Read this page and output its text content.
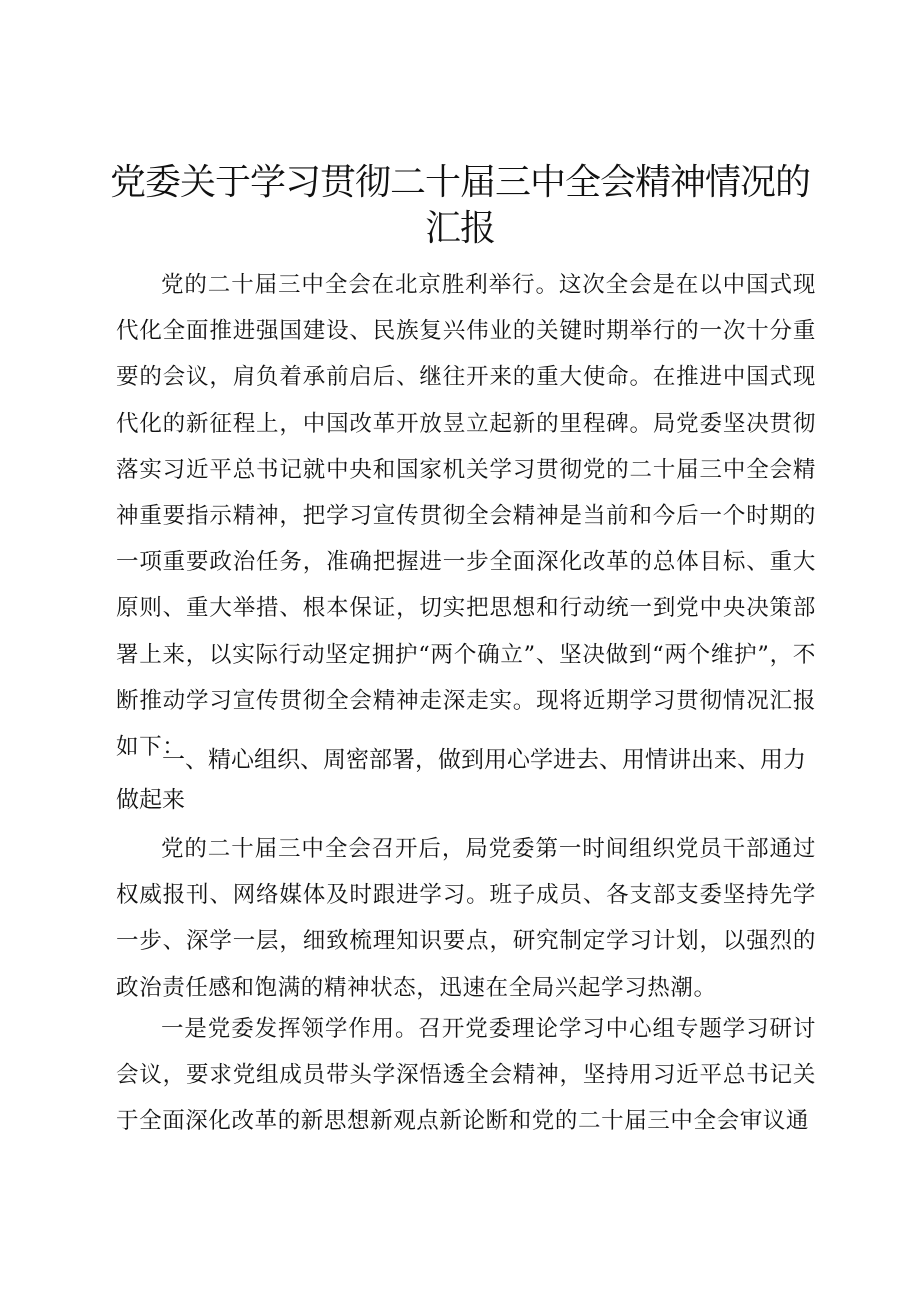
党委关于学习贯彻二十届三中全会精神情况的汇报

党的二十届三中全会在北京胜利举行。这次全会是在以中国式现代化全面推进强国建设、民族复兴伟业的关键时期举行的一次十分重要的会议，肩负着承前启后、继往开来的重大使命。在推进中国式现代化的新征程上，中国改革开放昱立起新的里程碑。局党委坚决贯彻落实习近平总书记就中央和国家机关学习贯彻党的二十届三中全会精神重要指示精神，把学习宣传贯彻全会精神是当前和今后一个时期的一项重要政治任务，准确把握进一步全面深化改革的总体目标、重大原则、重大举措、根本保证，切实把思想和行动统一到党中央决策部署上来，以实际行动坚定拥护“两个确立”、坚决做到“两个维护”，不断推动学习宣传贯彻全会精神走深走实。现将近期学习贯彻情况汇报如下：

一、精心组织、周密部署，做到用心学进去、用情讲出来、用力做起来

党的二十届三中全会召开后，局党委第一时间组织党员干部通过权威报刊、网络媒体及时跟进学习。班子成员、各支部支委坚持先学一步、深学一层，细致梳理知识要点，研究制定学习计划，以强烈的政治责任感和饱满的精神状态，迅速在全局兴起学习热潮。

一是党委发挥领学作用。召开党委理论学习中心组专题学习研讨会议，要求党组成员带头学深悟透全会精神，坚持用习近平总书记关于全面深化改革的新思想新观点新论断和党的二十届三中全会审议通
